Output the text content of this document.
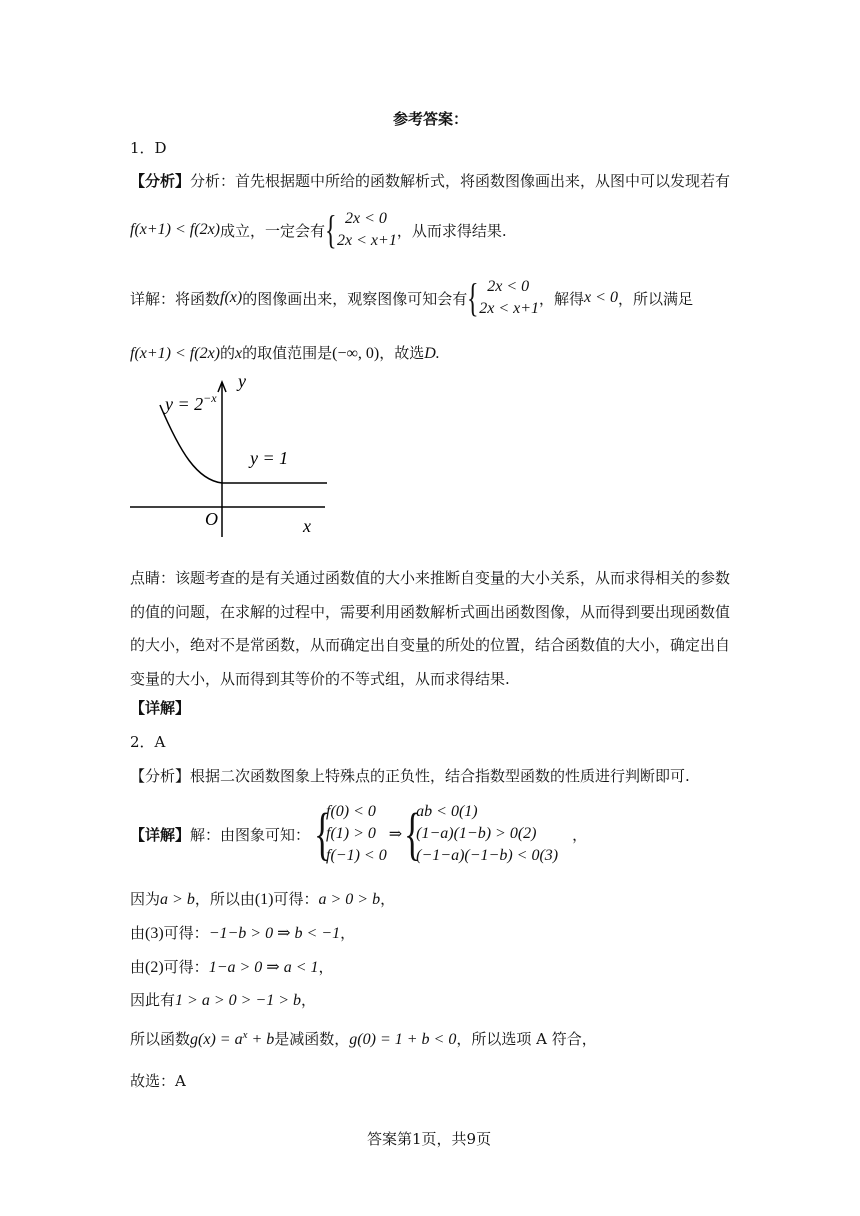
参考答案：
1．D
【分析】分析：首先根据题中所给的函数解析式，将函数图像画出来，从图中可以发现若有
f(x+1) < f(2x) 成立，一定会有 { 2x < 0
2x < x+1
，从而求得结果.
详解：将函数 f(x) 的图像画出来，观察图像可知会有 { 2x < 0
2x < x+1
，解得 x < 0 ，所以满足
f(x+1) < f(2x)的x的取值范围是(−∞, 0)，故选D.
$y = 2^{-x}$
y = 1
y
x
O
点睛：该题考查的是有关通过函数值的大小来推断自变量的大小关系，从而求得相关的参数
的值的问题，在求解的过程中，需要利用函数解析式画出函数图像，从而得到要出现函数值
的大小，绝对不是常函数，从而确定出自变量的所处的位置，结合函数值的大小，确定出自
变量的大小，从而得到其等价的不等式组，从而求得结果.
【详解】
2．A
【分析】根据二次函数图象上特殊点的正负性，结合指数型函数的性质进行判断即可.
【详解】 解：由图象可知： {
f(0) < 0
f(1) > 0
f(−1) < 0
⇒ {
ab < 0(1)
(1−a)(1−b) > 0(2)
(−1−a)(−1−b) < 0(3)
，
因为a > b，所以由(1)可得：a > 0 > b，
由(3)可得：−1−b > 0 ⇒ b < −1，
由(2)可得：1−a > 0 ⇒ a < 1，
因此有1 > a > 0 > −1 > b，
所以函数$g(x) = a^x + b$是减函数，g(0) = 1 + b < 0，所以选项 A 符合，
故选：A
答案第1页，共9页
